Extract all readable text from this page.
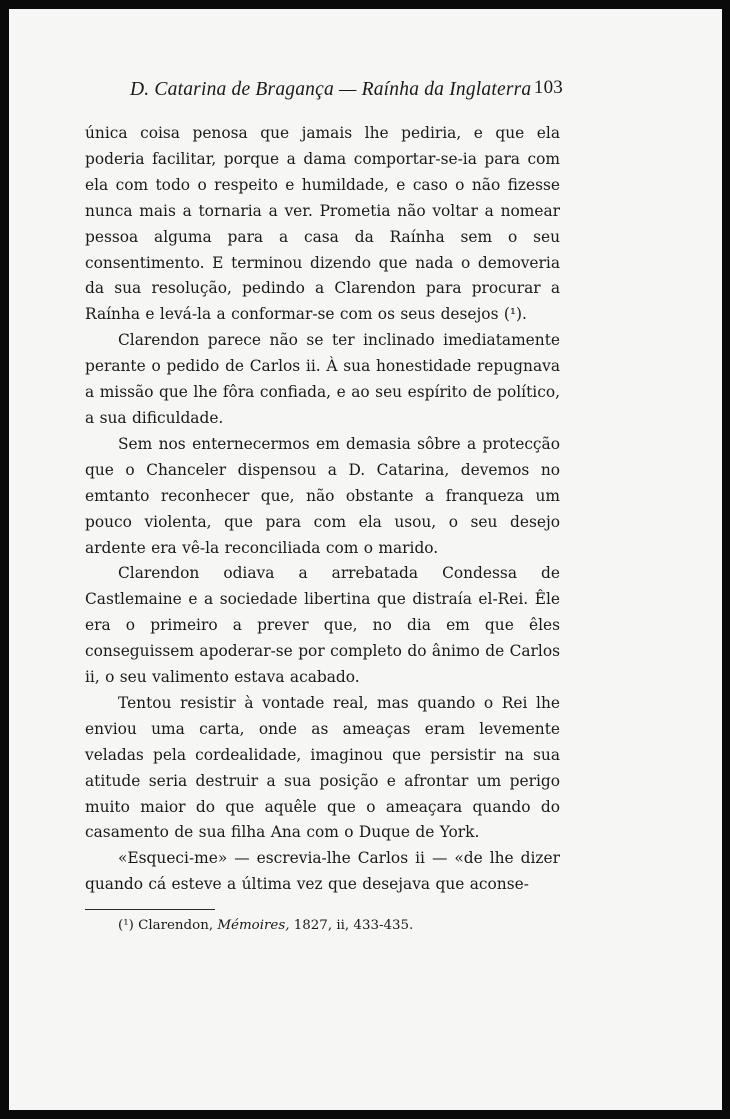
D. Catarina de Bragança — Raínha da Inglaterra 103

única coisa penosa que jamais lhe pediria, e que ela poderia facilitar, porque a dama comportar-se-ia para com ela com todo o respeito e humildade, e caso o não fizesse nunca mais a tornaria a ver. Prometia não voltar a nomear pessoa alguma para a casa da Raínha sem o seu consentimento. E terminou dizendo que nada o demoveria da sua resolução, pedindo a Clarendon para procurar a Raínha e levá-la a conformar-se com os seus desejos (¹).

Clarendon parece não se ter inclinado imediatamente perante o pedido de Carlos ii. À sua honestidade repugnava a missão que lhe fôra confiada, e ao seu espírito de político, a sua dificuldade.

Sem nos enternecermos em demasia sôbre a protecção que o Chanceler dispensou a D. Catarina, devemos no emtanto reconhecer que, não obstante a franqueza um pouco violenta, que para com ela usou, o seu desejo ardente era vê-la reconciliada com o marido.

Clarendon odiava a arrebatada Condessa de Castlemaine e a sociedade libertina que distraía el-Rei. Êle era o primeiro a prever que, no dia em que êles conseguissem apoderar-se por completo do ânimo de Carlos ii, o seu valimento estava acabado.

Tentou resistir à vontade real, mas quando o Rei lhe enviou uma carta, onde as ameaças eram levemente veladas pela cordealidade, imaginou que persistir na sua atitude seria destruir a sua posição e afrontar um perigo muito maior do que aquêle que o ameaçara quando do casamento de sua filha Ana com o Duque de York.

«Esqueci-me» — escrevia-lhe Carlos ii — «de lhe dizer quando cá esteve a última vez que desejava que aconse-

(¹) Clarendon, Mémoires, 1827, ii, 433-435.
